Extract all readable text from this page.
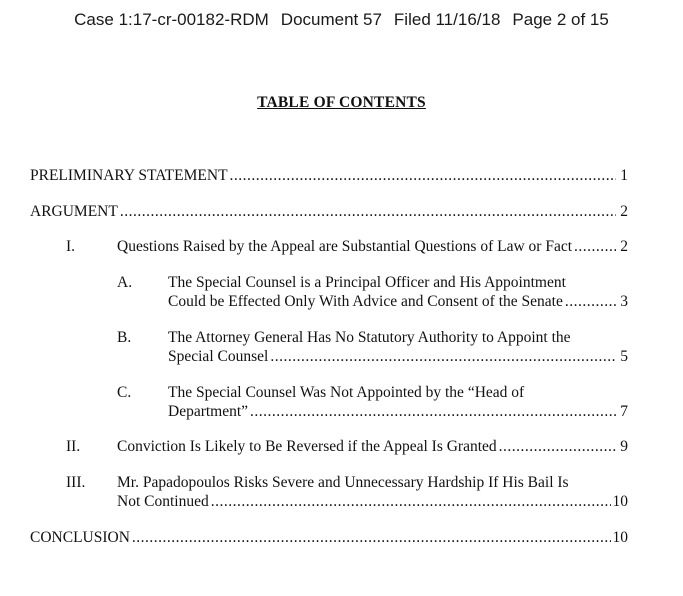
Case 1:17-cr-00182-RDM Document 57 Filed 11/16/18 Page 2 of 15
TABLE OF CONTENTS
PRELIMINARY STATEMENT .....	1
ARGUMENT .....	2
I.	Questions Raised by the Appeal are Substantial Questions of Law or Fact .....	2
A. The Special Counsel is a Principal Officer and His Appointment
Could be Effected Only With Advice and Consent of the Senate .....	3
B. The Attorney General Has No Statutory Authority to Appoint the
Special Counsel .....	5
C. The Special Counsel Was Not Appointed by the “Head of
Department” .....	7
II. Conviction Is Likely to Be Reversed if the Appeal Is Granted .....	9
III. Mr. Papadopoulos Risks Severe and Unnecessary Hardship If His Bail Is
Not Continued .....	10
CONCLUSION .....	10
